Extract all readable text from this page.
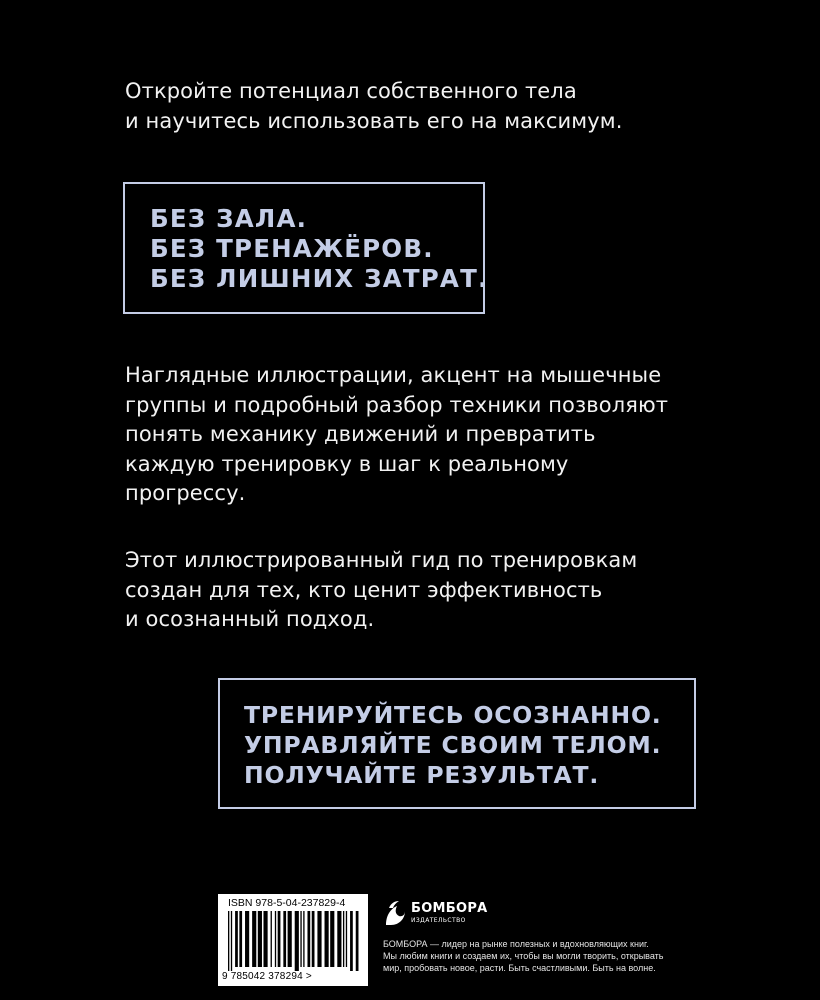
Откройте потенциал собственного тела
и научитесь использовать его на максимум.

БЕЗ ЗАЛА.
БЕЗ ТРЕНАЖЁРОВ.
БЕЗ ЛИШНИХ ЗАТРАТ.

Наглядные иллюстрации, акцент на мышечные
группы и подробный разбор техники позволяют
понять механику движений и превратить
каждую тренировку в шаг к реальному
прогрессу.

Этот иллюстрированный гид по тренировкам
создан для тех, кто ценит эффективность
и осознанный подход.

ТРЕНИРУЙТЕСЬ ОСОЗНАННО.
УПРАВЛЯЙТЕ СВОИМ ТЕЛОМ.
ПОЛУЧАЙТЕ РЕЗУЛЬТАТ.
ISBN 978-5-04-237829-4
9 785042 378294 >
БОМБОРА
ИЗДАТЕЛЬСТВО

БОМБОРА — лидер на рынке полезных и вдохновляющих книг.
Мы любим книги и создаем их, чтобы вы могли творить, открывать
мир, пробовать новое, расти. Быть счастливыми. Быть на волне.
